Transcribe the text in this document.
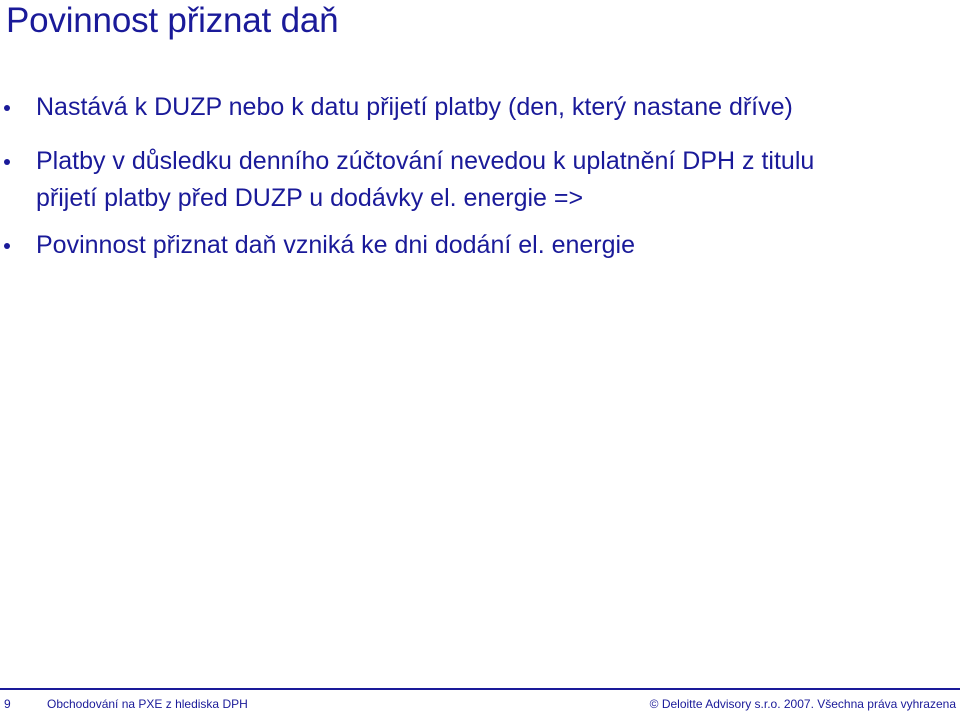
Povinnost přiznat daň
Nastává k DUZP nebo k datu přijetí platby (den, který nastane dříve)
Platby v důsledku denního zúčtování nevedou k uplatnění DPH z titulu
přijetí platby před DUZP u dodávky el. energie =>
Povinnost přiznat daň vzniká ke dni dodání el. energie
9	Obchodování na PXE z hlediska DPH	© Deloitte Advisory s.r.o. 2007. Všechna práva vyhrazena
